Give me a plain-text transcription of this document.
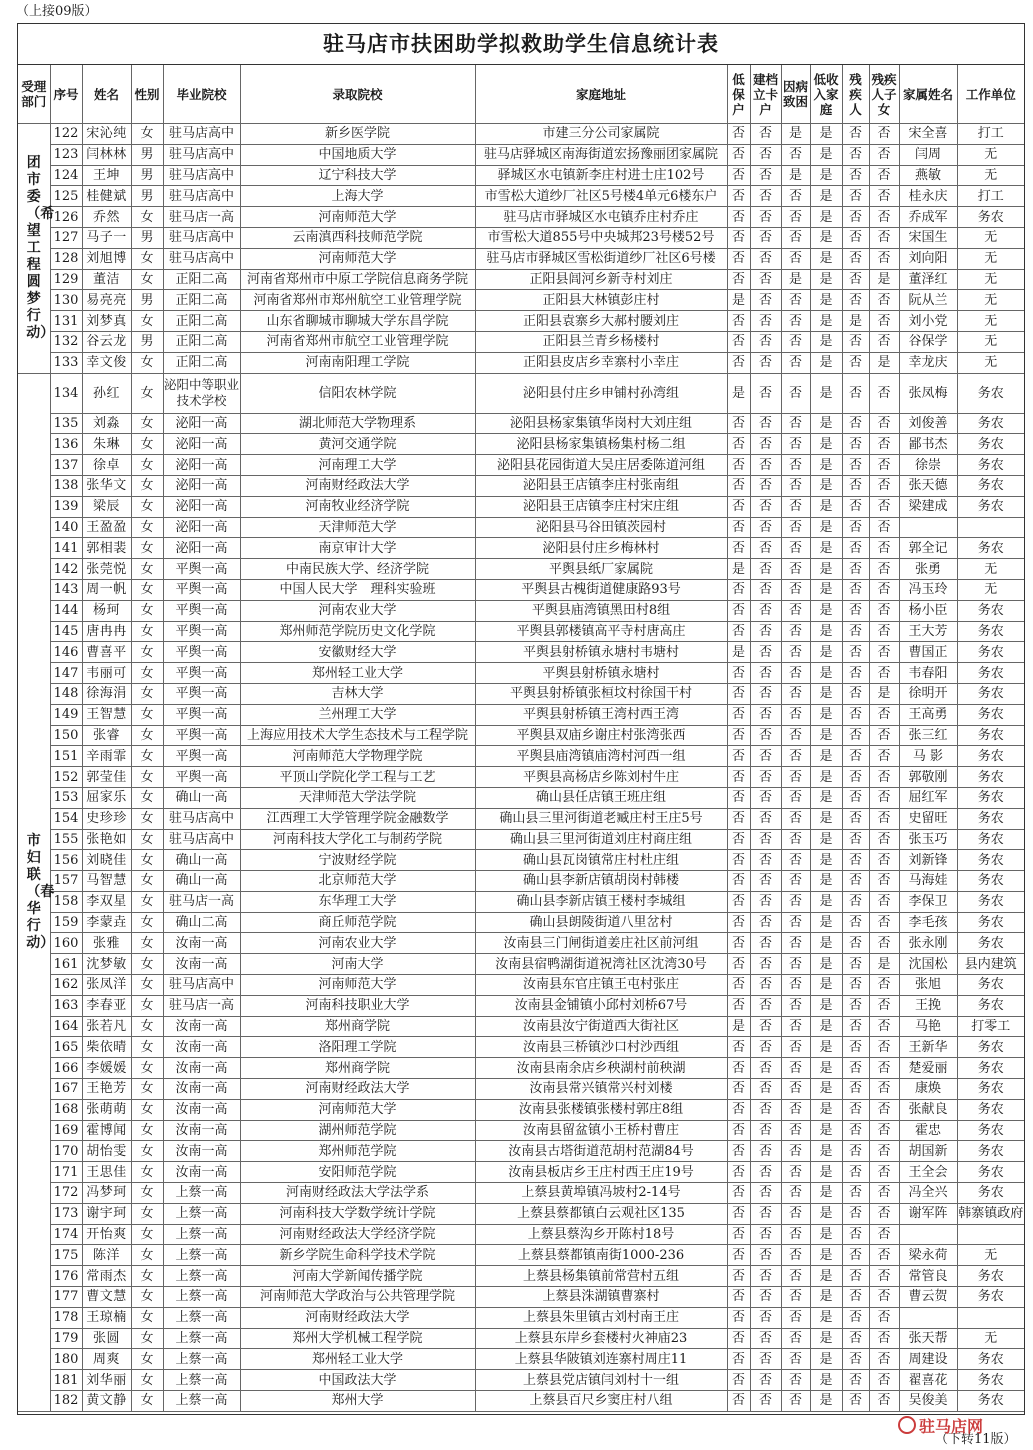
（上接09版）
驻马店市扶困助学拟救助学生信息统计表
受理部门	序号	姓名	性别	毕业院校	录取院校	家庭地址	低保户	建档立卡户	因病致困	低收入家庭	残疾人	残疾人子女	家属姓名	工作单位
团市委（希望工程圆梦行动）	122	宋沁纯	女	驻马店高中	新乡医学院	市建三分公司家属院	否	否	是	是	否	否	宋全喜	打工
	123	闫林林	男	驻马店高中	中国地质大学	驻马店驿城区南海街道宏扬豫丽团家属院	否	否	否	是	否	否	闫周	无
	124	王坤	男	驻马店高中	辽宁科技大学	驿城区水屯镇新李庄村进士庄102号	否	否	是	是	否	否	燕敏	无
	125	桂健斌	男	驻马店高中	上海大学	市雪松大道纱厂社区5号楼4单元6楼东户	否	否	否	是	否	否	桂永庆	打工
	126	乔然	女	驻马店一高	河南师范大学	驻马店市驿城区水屯镇乔庄村乔庄	否	否	否	是	否	否	乔成军	务农
	127	马子一	男	驻马店高中	云南滇西科技师范学院	市雪松大道855号中央城邦23号楼52号	否	否	否	是	否	否	宋国生	无
	128	刘旭博	女	驻马店高中	河南师范大学	驻马店市驿城区雪松街道纱厂社区6号楼	否	否	否	是	否	否	刘向阳	无
	129	董洁	女	正阳二高	河南省郑州市中原工学院信息商务学院	正阳县闾河乡新寺村刘庄	否	否	是	是	否	是	董泽红	无
	130	易亮亮	男	正阳二高	河南省郑州市郑州航空工业管理学院	正阳县大林镇彭庄村	是	否	否	是	否	否	阮从兰	无
	131	刘梦真	女	正阳二高	山东省聊城市聊城大学东昌学院	正阳县袁寨乡大郝村腰刘庄	否	否	否	是	是	否	刘小党	无
	132	谷云龙	男	正阳二高	河南省郑州市航空工业管理学院	正阳县兰青乡杨楼村	否	否	否	是	否	否	谷保学	无
	133	幸文俊	女	正阳二高	河南南阳理工学院	正阳县皮店乡幸寨村小幸庄	否	否	否	是	否	是	幸龙庆	无
市妇联（春华行动）	134	孙红	女	泌阳中等职业技术学校	信阳农林学院	泌阳县付庄乡申铺村孙湾组	是	否	否	是	否	否	张凤梅	务农
	135	刘淼	女	泌阳一高	湖北师范大学物理系	泌阳县杨家集镇华岗村大刘庄组	否	否	否	是	否	否	刘俊善	务农
	136	朱琳	女	泌阳一高	黄河交通学院	泌阳县杨家集镇杨集村杨二组	否	否	否	是	否	否	鄙书杰	务农
	137	徐卓	女	泌阳一高	河南理工大学	泌阳县花园街道大吴庄居委陈道河组	否	否	否	是	否	否	徐崇	务农
	138	张华文	女	泌阳一高	河南财经政法大学	泌阳县王店镇李庄村张南组	否	否	否	是	否	否	张天德	务农
	139	梁辰	女	泌阳一高	河南牧业经济学院	泌阳县王店镇李庄村宋庄组	否	否	否	是	否	否	梁建成	务农
	140	王盈盈	女	泌阳一高	天津师范大学	泌阳县马谷田镇茨园村	否	否	否	是	否	否		
	141	郭相裴	女	泌阳一高	南京审计大学	泌阳县付庄乡梅林村	否	否	否	是	否	否	郭全记	务农
	142	张莞悦	女	平舆一高	中南民族大学、经济学院	平舆县纸厂家属院	是	否	否	是	否	否	张勇	无
	143	周一帆	女	平舆一高	中国人民大学　理科实验班	平舆县古槐街道健康路93号	否	否	否	是	否	否	冯玉玲	无
	144	杨珂	女	平舆一高	河南农业大学	平舆县庙湾镇黑田村8组	否	否	否	是	否	否	杨小臣	务农
	145	唐冉冉	女	平舆一高	郑州师范学院历史文化学院	平舆县郭楼镇高平寺村唐高庄	否	否	否	是	否	否	王大芳	务农
	146	曹喜平	女	平舆一高	安徽财经大学	平舆县射桥镇永塘村韦塘村	是	否	否	是	否	否	曹国正	务农
	147	韦丽可	女	平舆一高	郑州轻工业大学	平舆县射桥镇永塘村	否	否	否	是	否	否	韦春阳	务农
	148	徐海涓	女	平舆一高	吉林大学	平舆县射桥镇张桓坟村徐国干村	否	否	否	是	否	是	徐明开	务农
	149	王智慧	女	平舆一高	兰州理工大学	平舆县射桥镇王湾村西王湾	否	否	否	是	否	否	王高勇	务农
	150	张睿	女	平舆一高	上海应用技术大学生态技术与工程学院	平舆县双庙乡谢庄村张湾张西	否	否	否	是	否	否	张三红	务农
	151	辛雨霏	女	平舆一高	河南师范大学物理学院	平舆县庙湾镇庙湾村河西一组	否	否	否	是	否	否	马 影	务农
	152	郭莹佳	女	平舆一高	平顶山学院化学工程与工艺	平舆县高杨店乡陈刘村牛庄	否	否	否	是	否	否	郭敬刚	务农
	153	屈家乐	女	确山一高	天津师范大学法学院	确山县任店镇王班庄组	否	否	否	是	否	否	屈红军	务农
	154	史珍珍	女	驻马店高中	江西理工大学管理学院金融数学	确山县三里河街道老臧庄村王庄5号	否	否	否	是	否	否	史留旺	务农
	155	张艳如	女	驻马店高中	河南科技大学化工与制药学院	确山县三里河街道刘庄村商庄组	否	否	否	是	否	否	张玉巧	务农
	156	刘晓佳	女	确山一高	宁波财经学院	确山县瓦岗镇常庄村杜庄组	否	否	否	是	否	否	刘新锋	务农
	157	马智慧	女	确山一高	北京师范大学	确山县李新店镇胡岗村韩楼	否	否	否	是	否	否	马海娃	务农
	158	李双星	女	驻马店一高	东华理工大学	确山县李新店镇王楼村李城组	否	否	否	是	否	否	李保卫	务农
	159	李蒙垚	女	确山二高	商丘师范学院	确山县朗陵街道八里岔村	否	否	否	是	否	否	李毛孩	务农
	160	张雅	女	汝南一高	河南农业大学	汝南县三门闸街道姜庄社区前河组	否	否	否	是	否	否	张永刚	务农
	161	沈梦敏	女	汝南一高	河南大学	汝南县宿鸭湖街道祝湾社区沈湾30号	否	否	否	是	否	是	沈国松	县内建筑
	162	张凤洋	女	驻马店高中	河南师范大学	汝南县东官庄镇王屯村张庄	否	否	否	是	否	否	张旭	务农
	163	李春亚	女	驻马店一高	河南科技职业大学	汝南县金铺镇小邱村刘桥67号	否	否	否	是	否	否	王挽	务农
	164	张若凡	女	汝南一高	郑州商学院	汝南县汝宁街道西大街社区	是	否	否	是	否	否	马艳	打零工
	165	柴依晴	女	汝南一高	洛阳理工学院	汝南县三桥镇沙口村沙西组	否	否	否	是	否	否	王新华	务农
	166	李媛媛	女	汝南一高	郑州商学院	汝南县南余店乡秧湖村前秧湖	否	否	否	是	否	否	楚爱丽	务农
	167	王艳芳	女	汝南一高	河南财经政法大学	汝南县常兴镇常兴村刘楼	否	否	否	是	否	否	康焕	务农
	168	张萌萌	女	汝南一高	河南师范大学	汝南县张楼镇张楼村郭庄8组	否	否	否	是	否	否	张献良	务农
	169	霍博闻	女	汝南一高	湖州师范学院	汝南县留盆镇小王桥村曹庄	否	否	否	是	否	否	霍忠	务农
	170	胡怡雯	女	汝南一高	郑州师范学院	汝南县古塔街道范胡村范湖84号	否	否	否	是	否	否	胡国新	务农
	171	王思佳	女	汝南一高	安阳师范学院	汝南县板店乡王庄村西王庄19号	否	否	否	是	否	否	王全会	务农
	172	冯梦珂	女	上蔡一高	河南财经政法大学法学系	上蔡县黄埠镇冯坡村2-14号	否	否	否	是	否	否	冯全兴	务农
	173	谢宇珂	女	上蔡一高	河南科技大学数学统计学院	上蔡县蔡都镇白云观社区135	否	否	否	是	否	否	谢军阵	韩寨镇政府
	174	开怡爽	女	上蔡一高	河南财经政法大学经济学院	上蔡县蔡沟乡开陈村18号	否	否	否	是	否	否		
	175	陈洋	女	上蔡一高	新乡学院生命科学技术学院	上蔡县蔡都镇南街1000-236	否	否	否	是	否	否	梁永荷	无
	176	常雨杰	女	上蔡一高	河南大学新闻传播学院	上蔡县杨集镇前常营村五组	否	否	否	是	否	否	常管良	务农
	177	曹文慧	女	上蔡一高	河南师范大学政治与公共管理学院	上蔡县洙湖镇曹寨村	否	否	否	是	否	否	曹云贺	务农
	178	王琼楠	女	上蔡一高	河南财经政法大学	上蔡县朱里镇古刘村南王庄	否	否	否	是	否	否		
	179	张圆	女	上蔡一高	郑州大学机械工程学院	上蔡县东岸乡套楼村火神庙23	否	否	否	是	否	否	张天帮	无
	180	周爽	女	上蔡一高	郑州轻工业大学	上蔡县华陂镇刘连寨村周庄11	否	否	否	是	否	否	周建设	务农
	181	刘华丽	女	上蔡一高	中国政法大学	上蔡县党店镇闫刘村十一组	否	否	否	是	否	否	翟喜花	务农
	182	黄文静	女	上蔡一高	郑州大学	上蔡县百尺乡窦庄村八组	否	否	否	是	否	否	吴俊美	务农
（下转11版）
驻马店网
